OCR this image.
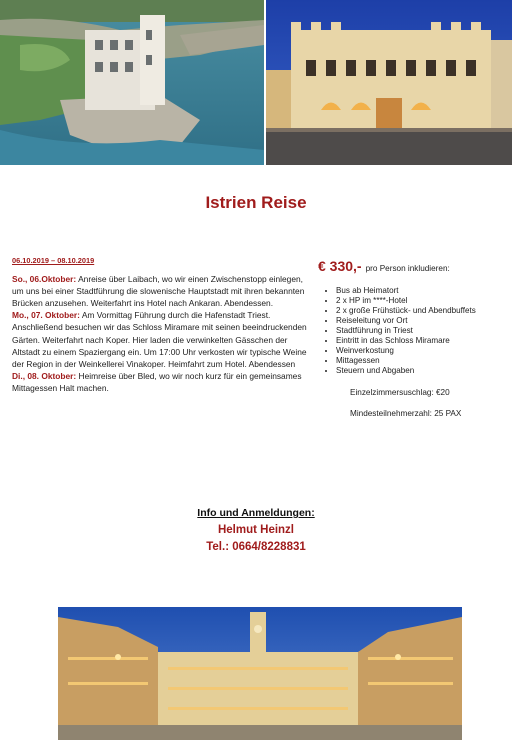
Istrien Reise
06.10.2019 – 08.10.2019

So., 06.Oktober: Anreise über Laibach, wo wir einen Zwischenstopp einlegen, um uns bei einer Stadtführung die slowenische Hauptstadt mit ihren bekannten Brücken anzusehen. Weiterfahrt ins Hotel nach Ankaran. Abendessen.

Mo., 07. Oktober: Am Vormittag Führung durch die Hafenstadt Triest. Anschließend besuchen wir das Schloss Miramare mit seinen beeindruckenden Gärten. Weiterfahrt nach Koper. Hier laden die verwinkelten Gässchen der Altstadt zu einem Spaziergang ein. Um 17:00 Uhr verkosten wir typische Weine der Region in der Weinkellerei Vinakoper. Heimfahrt zum Hotel. Abendessen

Di., 08. Oktober: Heimreise über Bled, wo wir noch kurz für ein gemeinsames Mittagessen Halt machen.

€ 330,- pro Person inkludieren:
• Bus ab Heimatort
• 2 x HP im ****-Hotel
• 2 x große Frühstück- und Abendbuffets
• Reiseleitung vor Ort
• Stadtführung in Triest
• Eintritt in das Schloss Miramare
• Weinverkostung
• Mittagessen
• Steuern und Abgaben
Einzelzimmersuschlag: €20
Mindesteilnehmerzahl: 25 PAX
Info und Anmeldungen:
Helmut Heinzl
Tel.: 0664/8228831
